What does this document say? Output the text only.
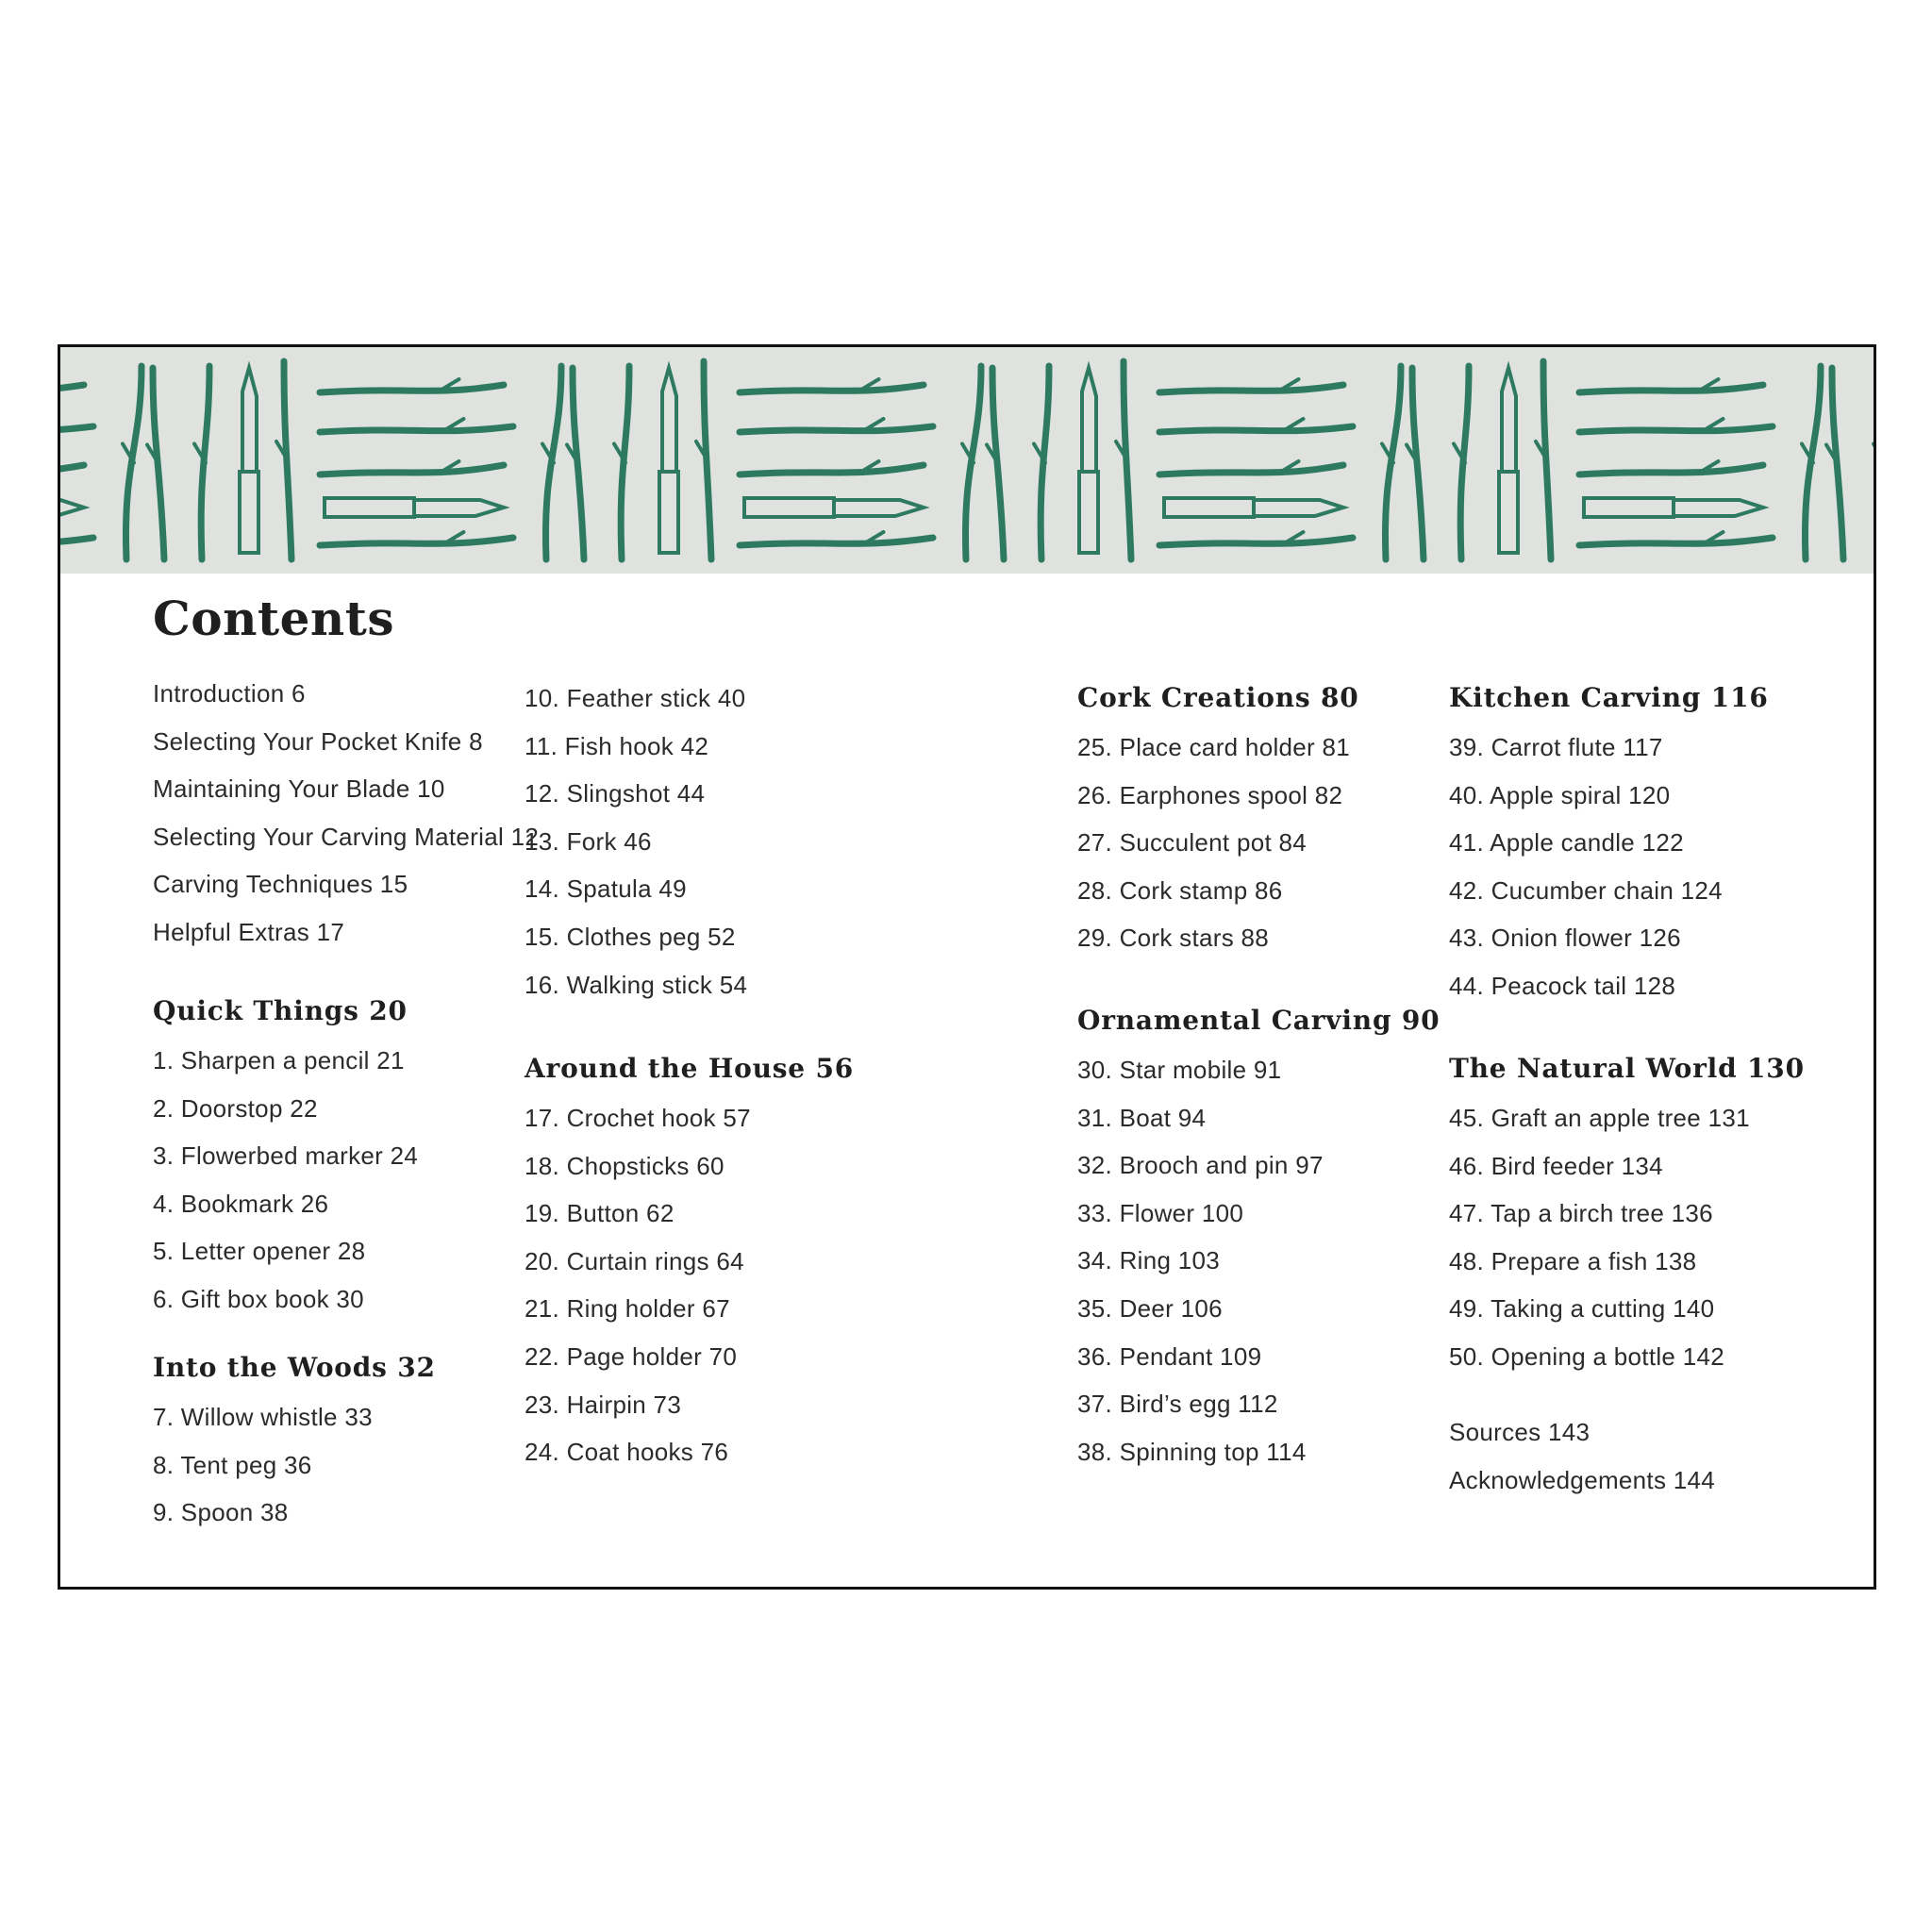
Contents
Introduction 6
Selecting Your Pocket Knife 8
Maintaining Your Blade 10
Selecting Your Carving Material 12
Carving Techniques 15
Helpful Extras 17
Quick Things 20
1. Sharpen a pencil 21
2. Doorstop 22
3. Flowerbed marker 24
4. Bookmark 26
5. Letter opener 28
6. Gift box book 30
Into the Woods 32
7. Willow whistle 33
8. Tent peg 36
9. Spoon 38
10. Feather stick 40
11. Fish hook 42
12. Slingshot 44
13. Fork 46
14. Spatula 49
15. Clothes peg 52
16. Walking stick 54
Around the House 56
17. Crochet hook 57
18. Chopsticks 60
19. Button 62
20. Curtain rings 64
21. Ring holder 67
22. Page holder 70
23. Hairpin 73
24. Coat hooks 76
Cork Creations 80
25. Place card holder 81
26. Earphones spool 82
27. Succulent pot 84
28. Cork stamp 86
29. Cork stars 88
Ornamental Carving 90
30. Star mobile 91
31. Boat 94
32. Brooch and pin 97
33. Flower 100
34. Ring 103
35. Deer 106
36. Pendant 109
37. Bird’s egg 112
38. Spinning top 114
Kitchen Carving 116
39. Carrot flute 117
40. Apple spiral 120
41. Apple candle 122
42. Cucumber chain 124
43. Onion flower 126
44. Peacock tail 128
The Natural World 130
45. Graft an apple tree 131
46. Bird feeder 134
47. Tap a birch tree 136
48. Prepare a fish 138
49. Taking a cutting 140
50. Opening a bottle 142
Sources 143
Acknowledgements 144
